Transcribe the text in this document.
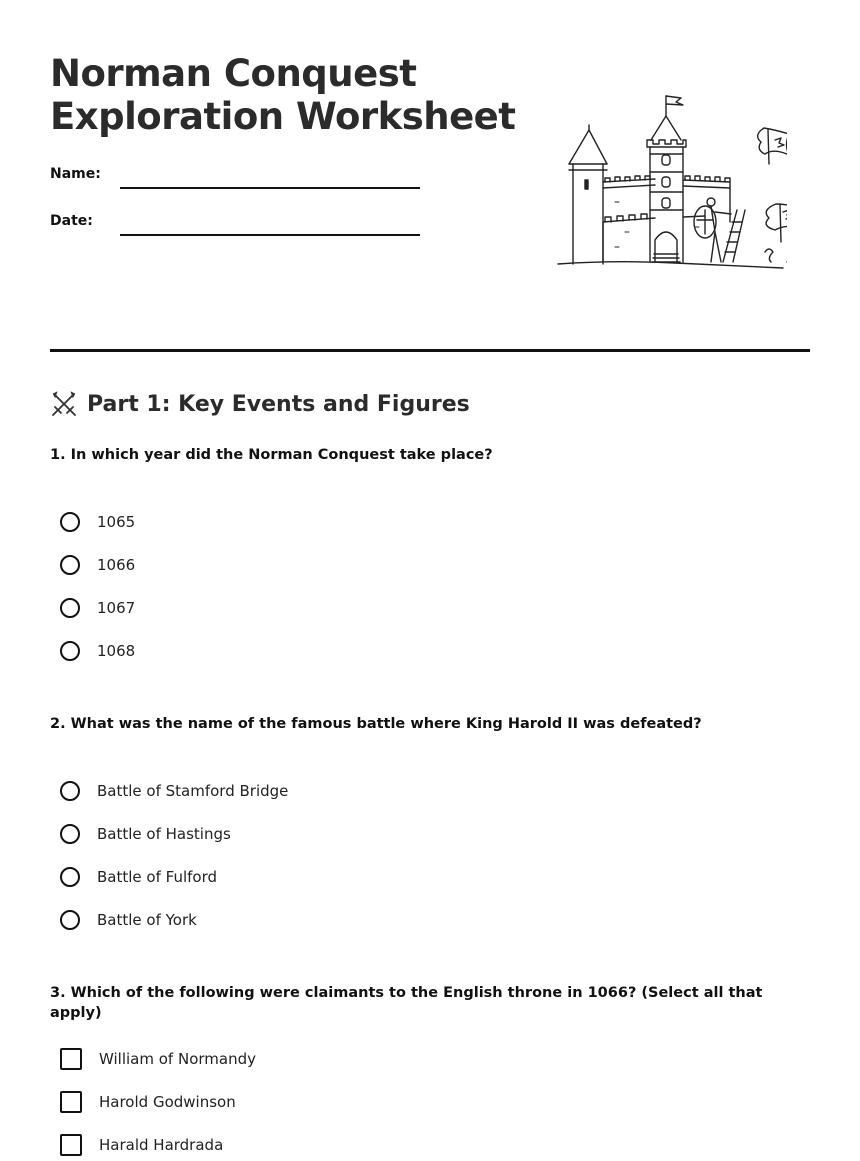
Norman Conquest Exploration Worksheet
Name:
Date:
Part 1: Key Events and Figures

1. In which year did the Norman Conquest take place?

1065
1066
1067
1068

2. What was the name of the famous battle where King Harold II was defeated?

Battle of Stamford Bridge
Battle of Hastings
Battle of Fulford
Battle of York

3. Which of the following were claimants to the English throne in 1066? (Select all that apply)

William of Normandy
Harold Godwinson
Harald Hardrada
